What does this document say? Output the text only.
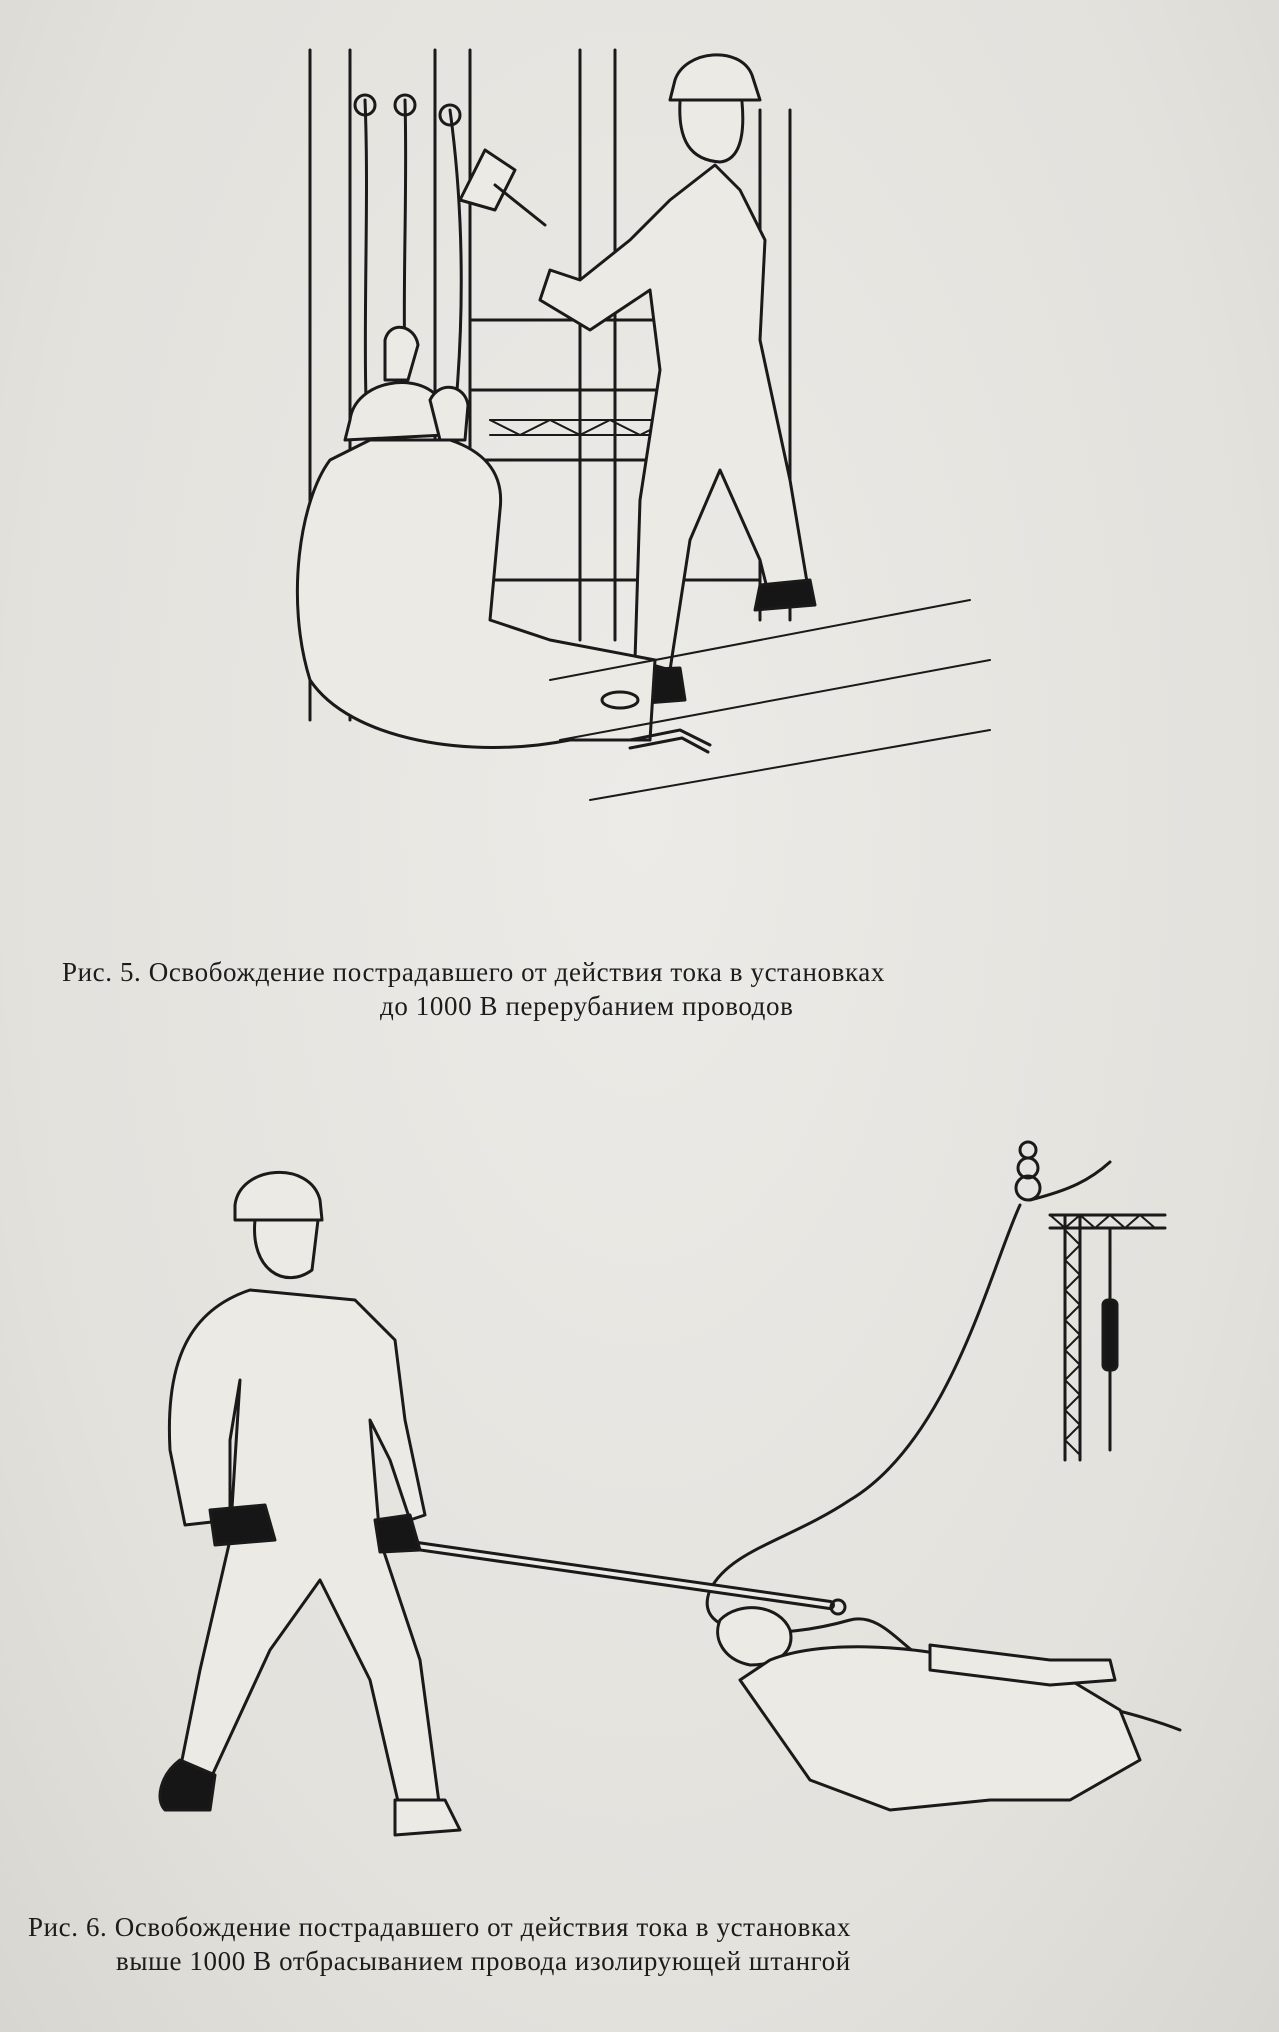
Рис. 5. Освобождение пострадавшего от действия тока в установках
до 1000 В перерубанием проводов
Рис. 6. Освобождение пострадавшего от действия тока в установках
выше 1000 В отбрасыванием провода изолирующей штангой
